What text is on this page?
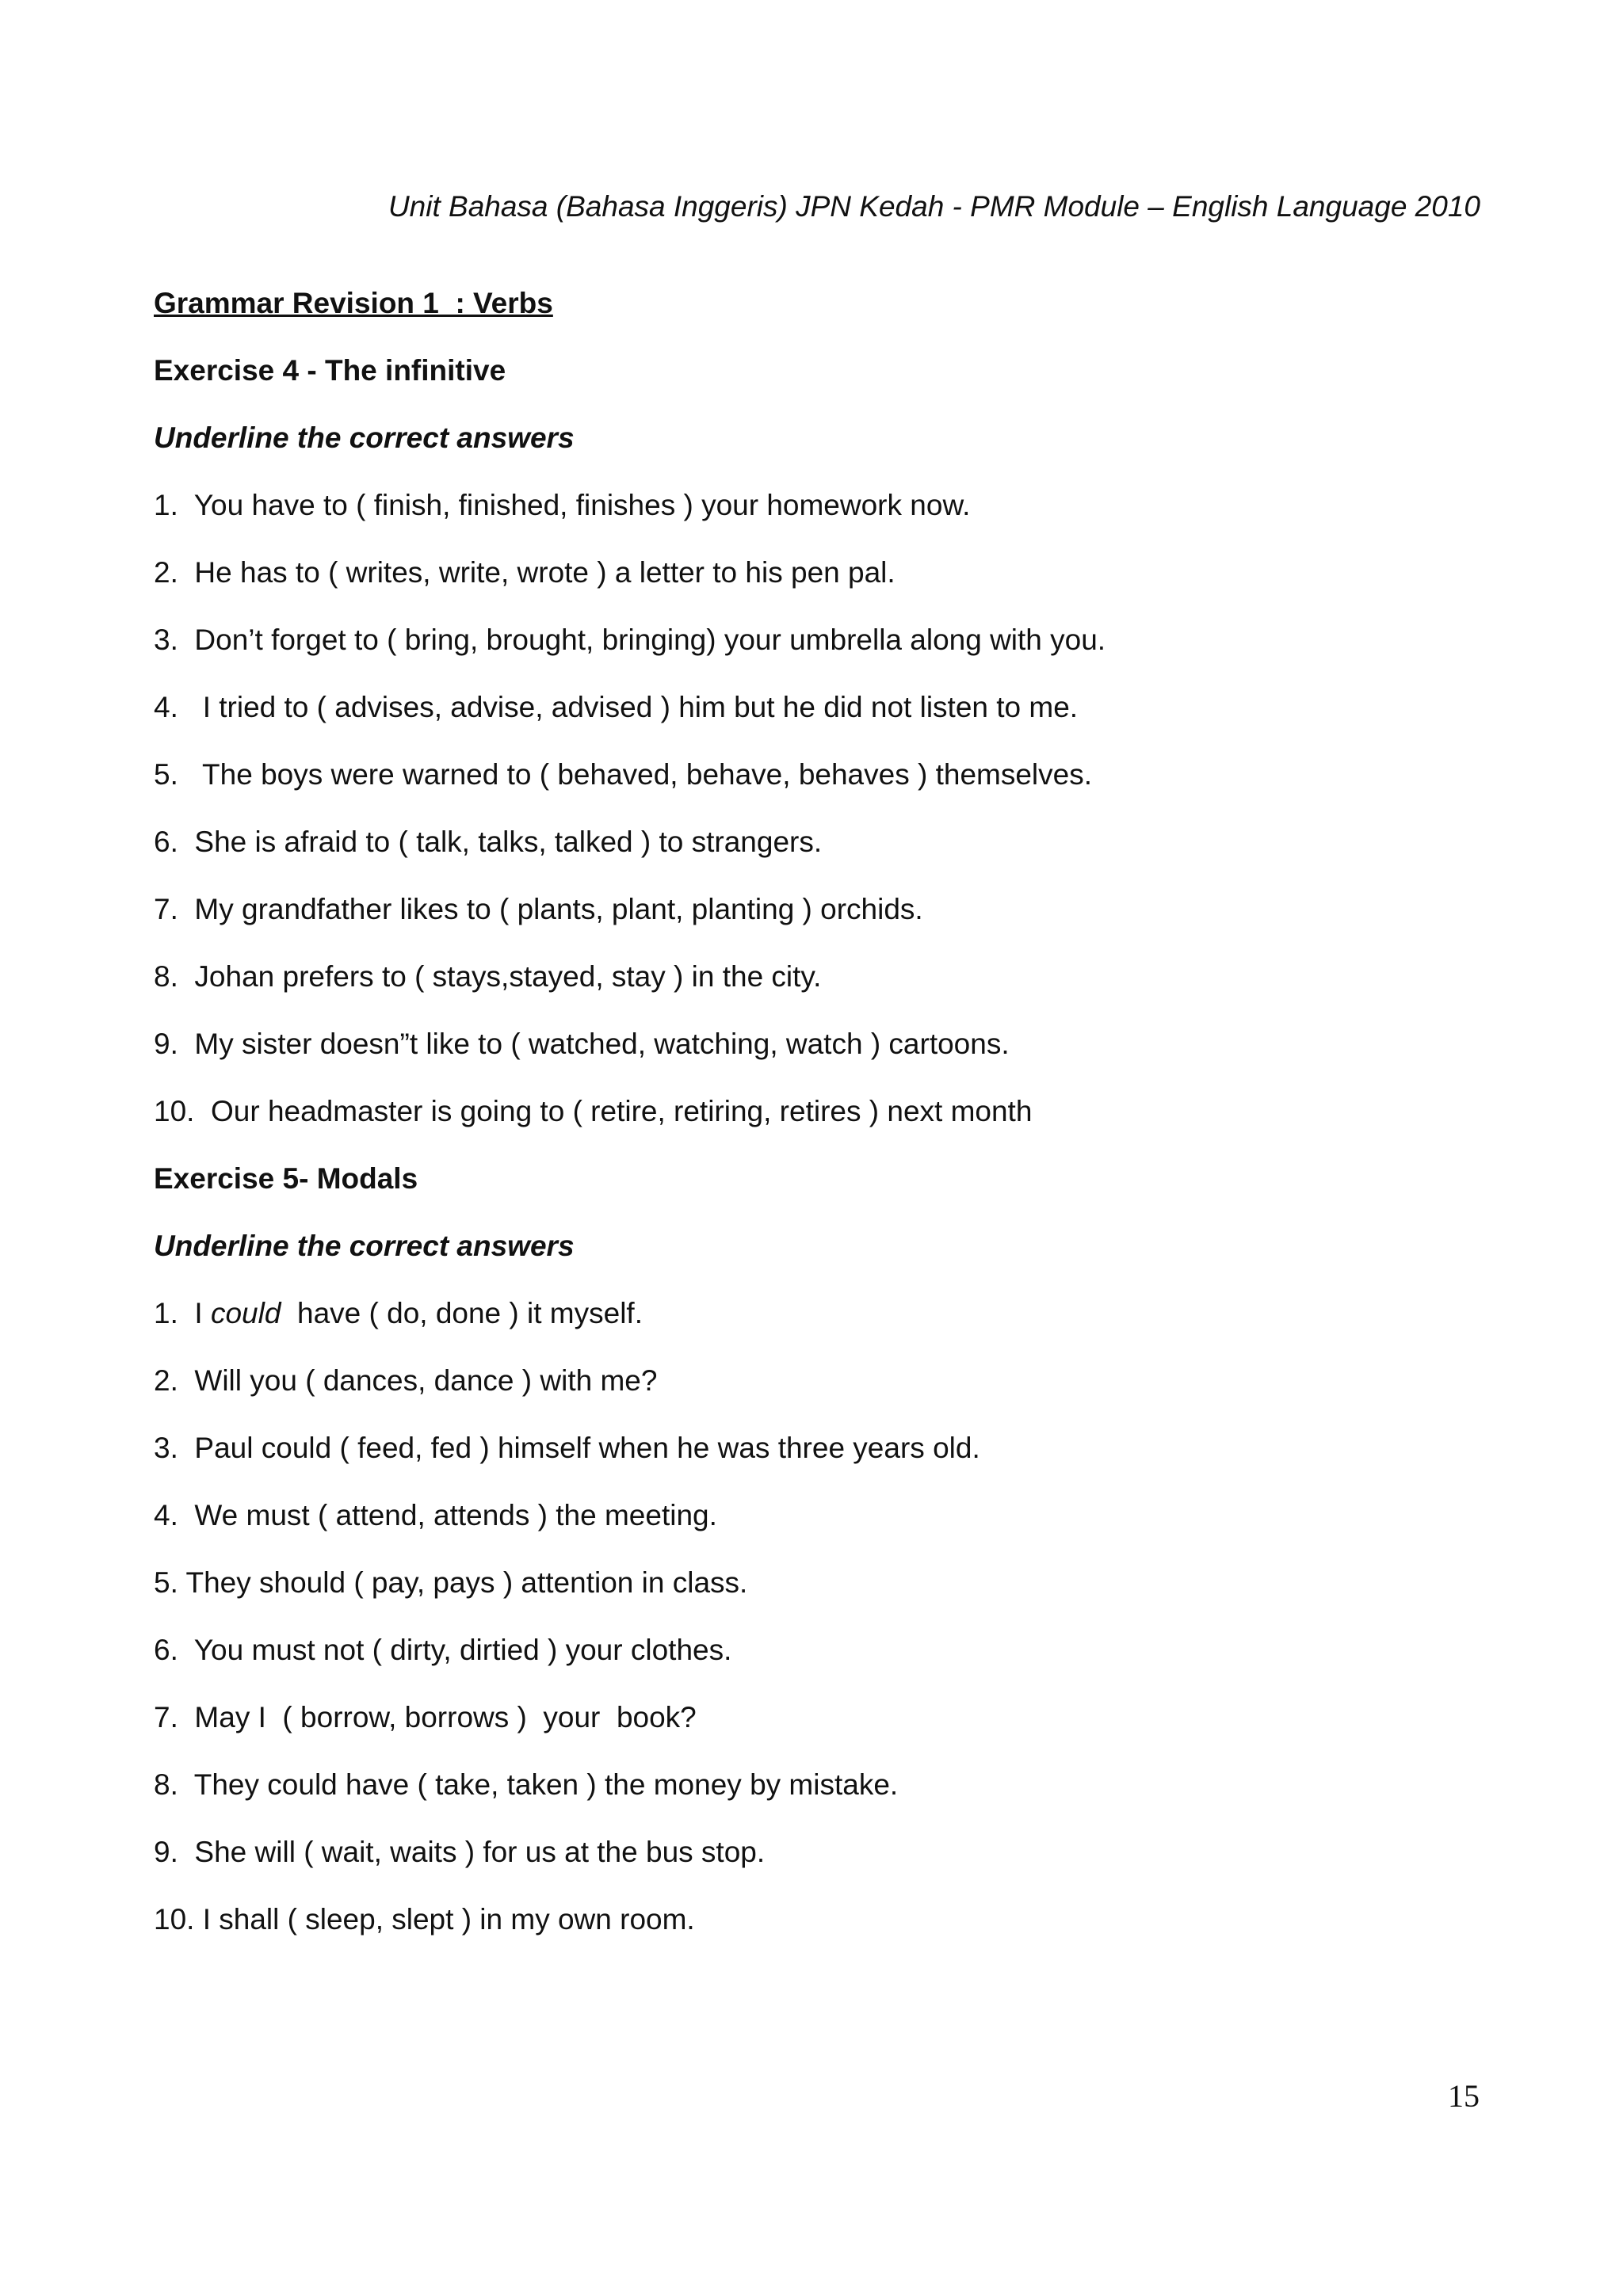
Unit Bahasa (Bahasa Inggeris) JPN Kedah - PMR Module – English Language 2010
Grammar Revision 1  : Verbs
Exercise 4 - The infinitive
Underline the correct answers
1.  You have to ( finish, finished, finishes ) your homework now.
2.  He has to ( writes, write, wrote ) a letter to his pen pal.
3.  Don’t forget to ( bring, brought, bringing) your umbrella along with you.
4.   I tried to ( advises, advise, advised ) him but he did not listen to me.
5.   The boys were warned to ( behaved, behave, behaves ) themselves.
6.  She is afraid to ( talk, talks, talked ) to strangers.
7.  My grandfather likes to ( plants, plant, planting ) orchids.
8.  Johan prefers to ( stays,stayed, stay ) in the city.
9.  My sister doesn”t like to ( watched, watching, watch ) cartoons.
10.  Our headmaster is going to ( retire, retiring, retires ) next month
Exercise 5- Modals
Underline the correct answers
1.  I could  have ( do, done ) it myself.
2.  Will you ( dances, dance ) with me?
3.  Paul could ( feed, fed ) himself when he was three years old.
4.  We must ( attend, attends ) the meeting.
5. They should ( pay, pays ) attention in class.
6.  You must not ( dirty, dirtied ) your clothes.
7.  May I  ( borrow, borrows )  your  book?
8.  They could have ( take, taken ) the money by mistake.
9.  She will ( wait, waits ) for us at the bus stop.
10. I shall ( sleep, slept ) in my own room.
15
